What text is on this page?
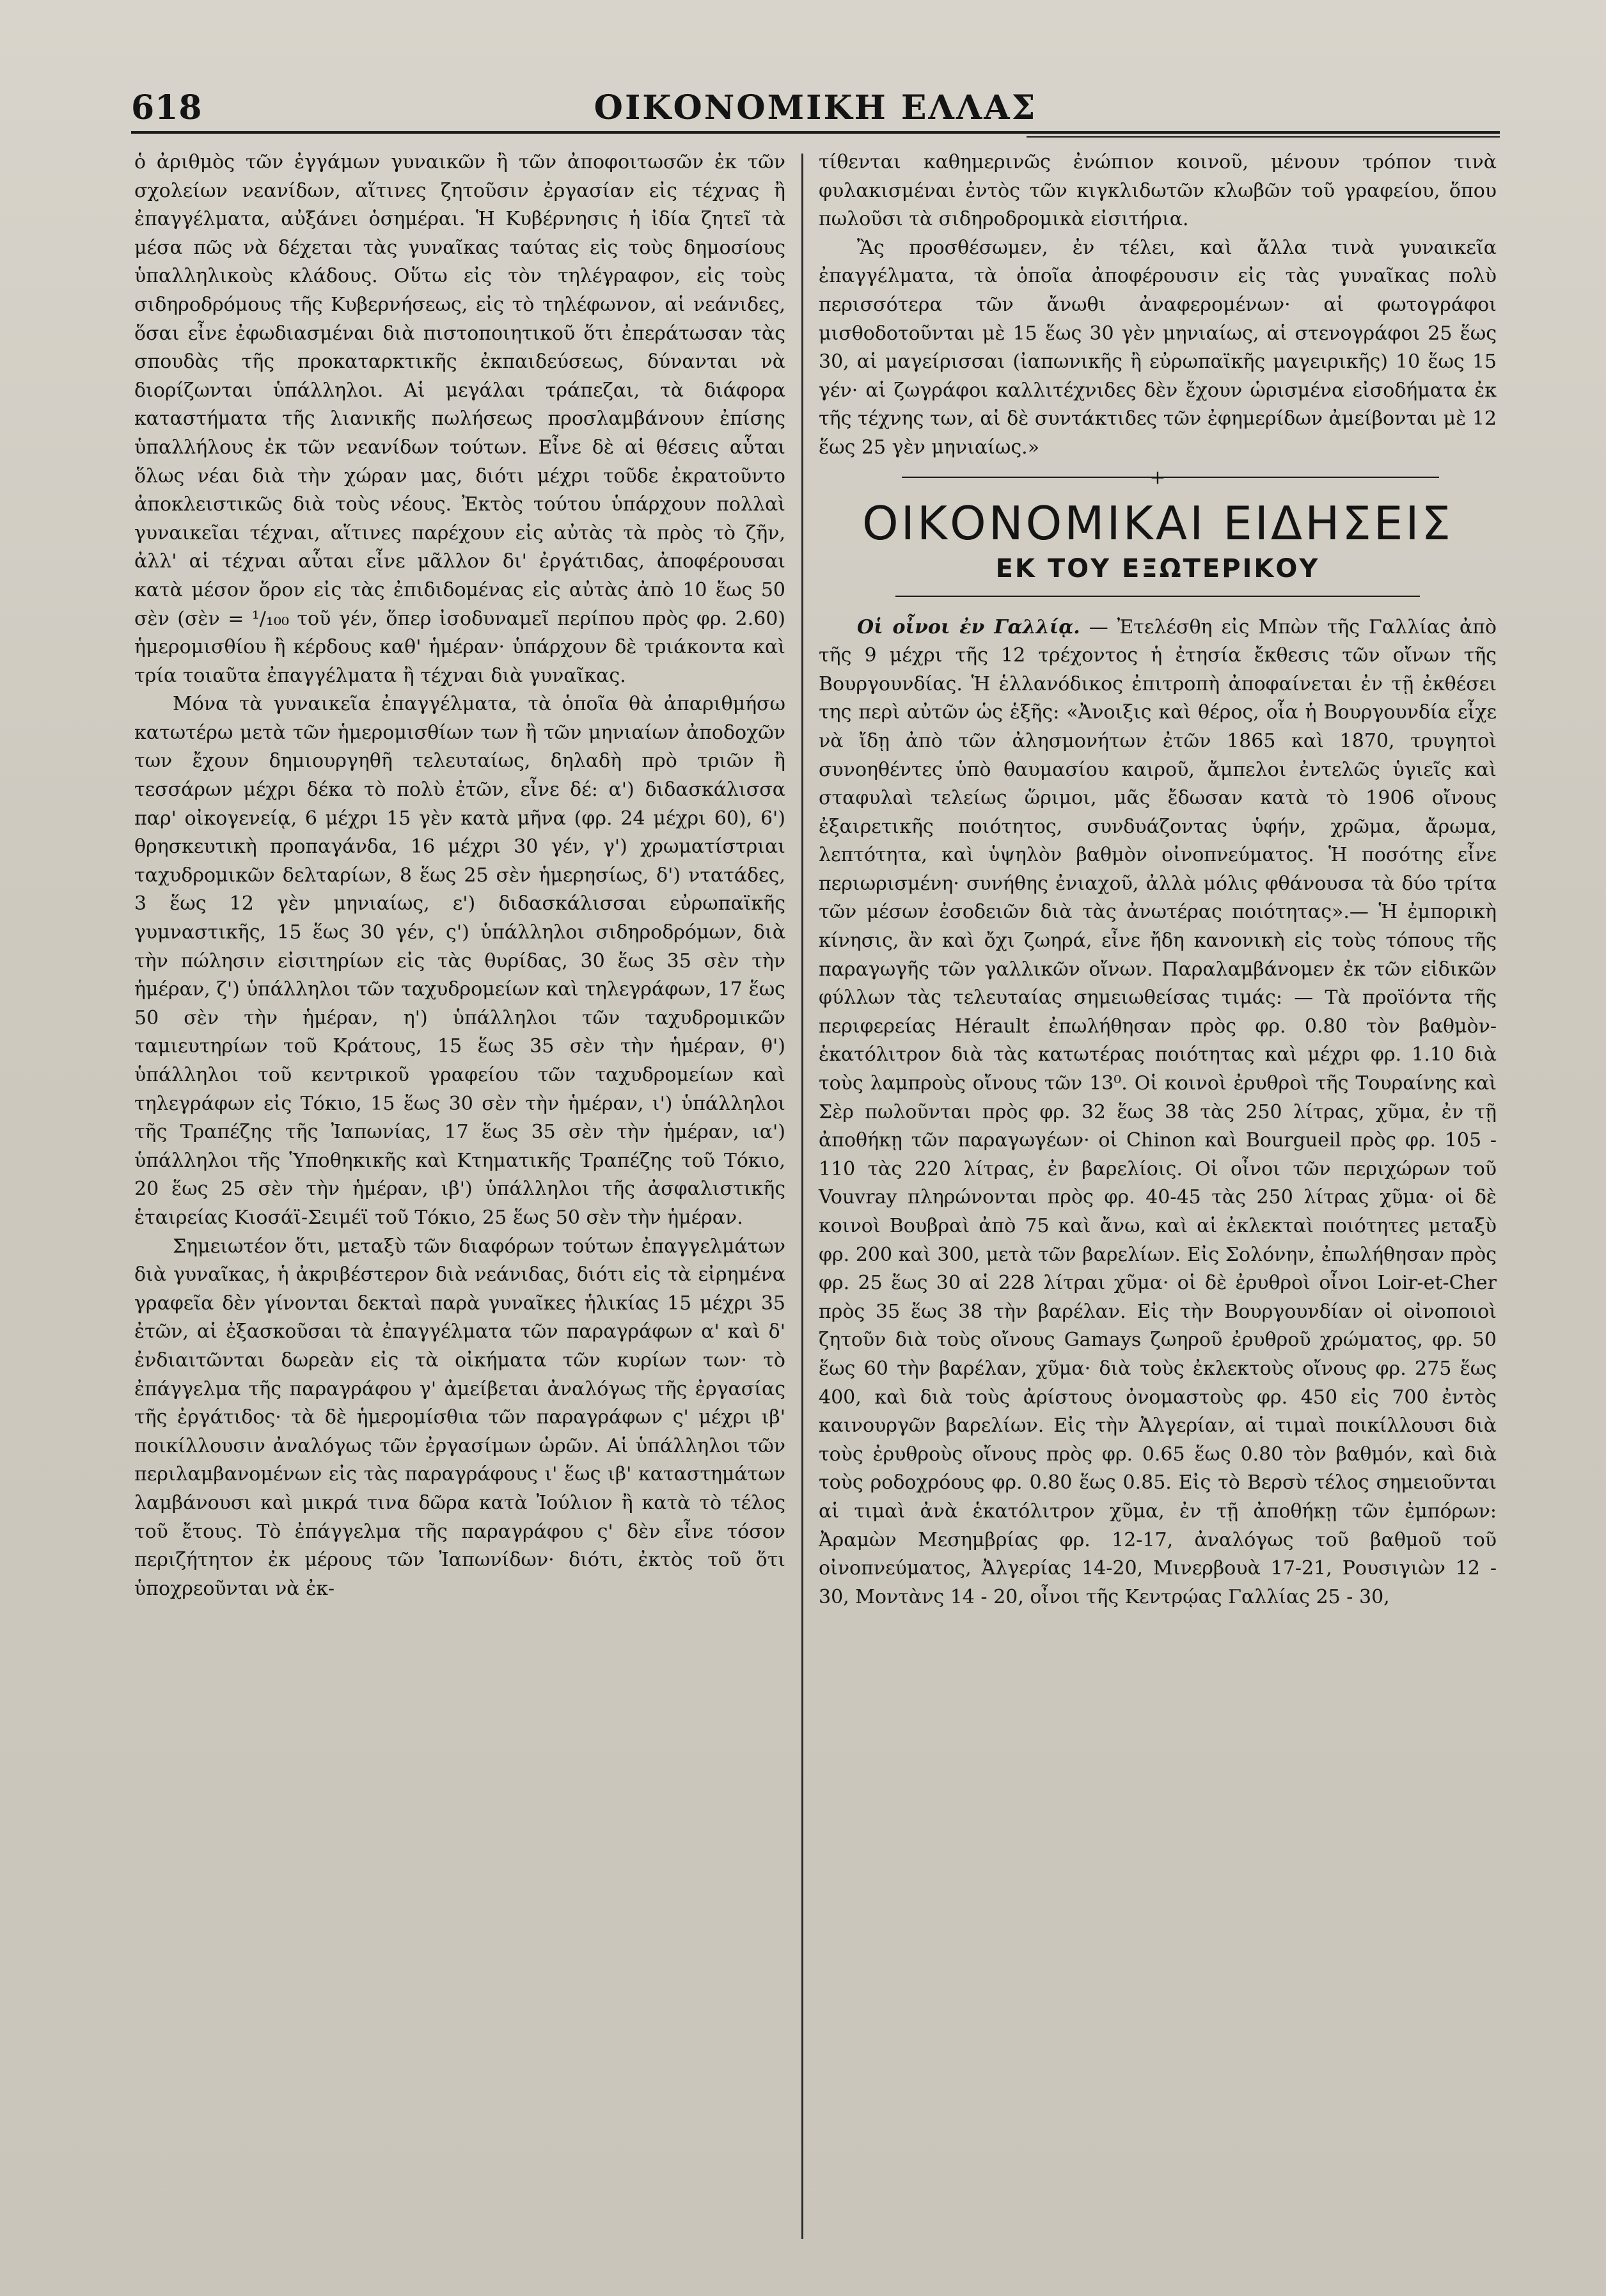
618	ΟΙΚΟΝΟΜΙΚΗ ΕΛΛΑΣ

ὁ ἀριθμὸς τῶν ἐγγάμων γυναικῶν ἢ τῶν ἀποφοιτωσῶν ἐκ τῶν σχολείων νεανίδων, αἵτινες ζητοῦσιν ἐργασίαν εἰς τέχνας ἢ ἐπαγγέλματα, αὐξάνει ὁσημέραι. Ἡ Κυβέρνησις ἡ ἰδία ζητεῖ τὰ μέσα πῶς νὰ δέχεται τὰς γυναῖκας ταύτας εἰς τοὺς δημοσίους ὑπαλληλικοὺς κλάδους. Οὕτω εἰς τὸν τηλέγραφον, εἰς τοὺς σιδηροδρόμους τῆς Κυβερνήσεως, εἰς τὸ τηλέφωνον, αἱ νεάνιδες, ὅσαι εἶνε ἐφωδιασμέναι διὰ πιστοποιητικοῦ ὅτι ἐπεράτωσαν τὰς σπουδὰς τῆς προκαταρκτικῆς ἐκπαιδεύσεως, δύνανται νὰ διορίζωνται ὑπάλληλοι. Αἱ μεγάλαι τράπεζαι, τὰ διάφορα καταστήματα τῆς λιανικῆς πωλήσεως προσλαμβάνουν ἐπίσης ὑπαλλήλους ἐκ τῶν νεανίδων τούτων. Εἶνε δὲ αἱ θέσεις αὗται ὅλως νέαι διὰ τὴν χώραν μας, διότι μέχρι τοῦδε ἐκρατοῦντο ἀποκλειστικῶς διὰ τοὺς νέους. Ἐκτὸς τούτου ὑπάρχουν πολλαὶ γυναικεῖαι τέχναι, αἵτινες παρέχουν εἰς αὐτὰς τὰ πρὸς τὸ ζῆν, ἀλλ' αἱ τέχναι αὗται εἶνε μᾶλλον δι' ἐργάτιδας, ἀποφέρουσαι κατὰ μέσον ὅρον εἰς τὰς ἐπιδιδομένας εἰς αὐτὰς ἀπὸ 10 ἕως 50 σὲν (σὲν = ¹/₁₀₀ τοῦ γέν, ὅπερ ἰσοδυναμεῖ περίπου πρὸς φρ. 2.60) ἡμερομισθίου ἢ κέρδους καθ' ἡμέραν· ὑπάρχουν δὲ τριάκοντα καὶ τρία τοιαῦτα ἐπαγγέλματα ἢ τέχναι διὰ γυναῖκας.

Μόνα τὰ γυναικεῖα ἐπαγγέλματα, τὰ ὁποῖα θὰ ἀπαριθμήσω κατωτέρω μετὰ τῶν ἡμερομισθίων των ἢ τῶν μηνιαίων ἀποδοχῶν των ἔχουν δημιουργηθῆ τελευταίως, δηλαδὴ πρὸ τριῶν ἢ τεσσάρων μέχρι δέκα τὸ πολὺ ἐτῶν, εἶνε δέ: α') διδασκάλισσα παρ' οἰκογενείᾳ, 6 μέχρι 15 γὲν κατὰ μῆνα (φρ. 24 μέχρι 60), 6') θρησκευτικὴ προπαγάνδα, 16 μέχρι 30 γέν, γ') χρωματίστριαι ταχυδρομικῶν δελταρίων, 8 ἕως 25 σὲν ἡμερησίως, δ') ντατάδες, 3 ἕως 12 γὲν μηνιαίως, ε') διδασκάλισσαι εὐρωπαϊκῆς γυμναστικῆς, 15 ἕως 30 γέν, ς') ὑπάλληλοι σιδηροδρόμων, διὰ τὴν πώλησιν εἰσιτηρίων εἰς τὰς θυρίδας, 30 ἕως 35 σὲν τὴν ἡμέραν, ζ') ὑπάλληλοι τῶν ταχυδρομείων καὶ τηλεγράφων, 17 ἕως 50 σὲν τὴν ἡμέραν, η') ὑπάλληλοι τῶν ταχυδρομικῶν ταμιευτηρίων τοῦ Κράτους, 15 ἕως 35 σὲν τὴν ἡμέραν, θ') ὑπάλληλοι τοῦ κεντρικοῦ γραφείου τῶν ταχυδρομείων καὶ τηλεγράφων εἰς Τόκιο, 15 ἕως 30 σὲν τὴν ἡμέραν, ι') ὑπάλληλοι τῆς Τραπέζης τῆς Ἰαπωνίας, 17 ἕως 35 σὲν τὴν ἡμέραν, ια') ὑπάλληλοι τῆς Ὑποθηκικῆς καὶ Κτηματικῆς Τραπέζης τοῦ Τόκιο, 20 ἕως 25 σὲν τὴν ἡμέραν, ιβ') ὑπάλληλοι τῆς ἀσφαλιστικῆς ἑταιρείας Κιοσάϊ-Σειμέϊ τοῦ Τόκιο, 25 ἕως 50 σὲν τὴν ἡμέραν.

Σημειωτέον ὅτι, μεταξὺ τῶν διαφόρων τούτων ἐπαγγελμάτων διὰ γυναῖκας, ἡ ἀκριβέστερον διὰ νεάνιδας, διότι εἰς τὰ εἰρημένα γραφεῖα δὲν γίνονται δεκταὶ παρὰ γυναῖκες ἡλικίας 15 μέχρι 35 ἐτῶν, αἱ ἐξασκοῦσαι τὰ ἐπαγγέλματα τῶν παραγράφων α' καὶ δ' ἐνδιαιτῶνται δωρεὰν εἰς τὰ οἰκήματα τῶν κυρίων των· τὸ ἐπάγγελμα τῆς παραγράφου γ' ἀμείβεται ἀναλόγως τῆς ἐργασίας τῆς ἐργάτιδος· τὰ δὲ ἡμερομίσθια τῶν παραγράφων ς' μέχρι ιβ' ποικίλλουσιν ἀναλόγως τῶν ἐργασίμων ὡρῶν. Αἱ ὑπάλληλοι τῶν περιλαμβανομένων εἰς τὰς παραγράφους ι' ἕως ιβ' καταστημάτων λαμβάνουσι καὶ μικρά τινα δῶρα κατὰ Ἰούλιον ἢ κατὰ τὸ τέλος τοῦ ἔτους. Τὸ ἐπάγγελμα τῆς παραγράφου ς' δὲν εἶνε τόσον περιζήτητον ἐκ μέρους τῶν Ἰαπωνίδων· διότι, ἐκτὸς τοῦ ὅτι ὑποχρεοῦνται νὰ ἐκ-

τίθενται καθημερινῶς ἐνώπιον κοινοῦ, μένουν τρόπον τινὰ φυλακισμέναι ἐντὸς τῶν κιγκλιδωτῶν κλωβῶν τοῦ γραφείου, ὅπου πωλοῦσι τὰ σιδηροδρομικὰ εἰσιτήρια.

Ἂς προσθέσωμεν, ἐν τέλει, καὶ ἄλλα τινὰ γυναικεῖα ἐπαγγέλματα, τὰ ὁποῖα ἀποφέρουσιν εἰς τὰς γυναῖκας πολὺ περισσότερα τῶν ἄνωθι ἀναφερομένων· αἱ φωτογράφοι μισθοδοτοῦνται μὲ 15 ἕως 30 γὲν μηνιαίως, αἱ στενογράφοι 25 ἕως 30, αἱ μαγείρισσαι (ἰαπωνικῆς ἢ εὐρωπαϊκῆς μαγειρικῆς) 10 ἕως 15 γέν· αἱ ζωγράφοι καλλιτέχνιδες δὲν ἔχουν ὡρισμένα εἰσοδήματα ἐκ τῆς τέχνης των, αἱ δὲ συντάκτιδες τῶν ἐφημερίδων ἀμείβονται μὲ 12 ἕως 25 γὲν μηνιαίως.»

+
ΟΙΚΟΝΟΜΙΚΑΙ ΕΙΔΗΣΕΙΣ
ΕΚ ΤΟΥ ΕΞΩΤΕΡΙΚΟΥ

Οἱ οἶνοι ἐν Γαλλίᾳ. — Ἐτελέσθη εἰς Μπὼν τῆς Γαλλίας ἀπὸ τῆς 9 μέχρι τῆς 12 τρέχοντος ἡ ἐτησία ἔκθεσις τῶν οἴνων τῆς Βουργουνδίας. Ἡ ἑλλανόδικος ἐπιτροπὴ ἀποφαίνεται ἐν τῇ ἐκθέσει της περὶ αὐτῶν ὡς ἑξῆς: «Ἀνοιξις καὶ θέρος, οἷα ἡ Βουργουνδία εἶχε νὰ ἴδῃ ἀπὸ τῶν ἀλησμονήτων ἐτῶν 1865 καὶ 1870, τρυγητοὶ συνοηθέντες ὑπὸ θαυμασίου καιροῦ, ἄμπελοι ἐντελῶς ὑγιεῖς καὶ σταφυλαὶ τελείως ὥριμοι, μᾶς ἔδωσαν κατὰ τὸ 1906 οἴνους ἐξαιρετικῆς ποιότητος, συνδυάζοντας ὑφήν, χρῶμα, ἄρωμα, λεπτότητα, καὶ ὑψηλὸν βαθμὸν οἰνοπνεύματος. Ἡ ποσότης εἶνε περιωρισμένη· συνήθης ἐνιαχοῦ, ἀλλὰ μόλις φθάνουσα τὰ δύο τρίτα τῶν μέσων ἐσοδειῶν διὰ τὰς ἀνωτέρας ποιότητας».— Ἡ ἐμπορικὴ κίνησις, ἂν καὶ ὄχι ζωηρά, εἶνε ἤδη κανονικὴ εἰς τοὺς τόπους τῆς παραγωγῆς τῶν γαλλικῶν οἴνων. Παραλαμβάνομεν ἐκ τῶν εἰδικῶν φύλλων τὰς τελευταίας σημειωθείσας τιμάς: — Τὰ προϊόντα τῆς περιφερείας Hérault ἐπωλήθησαν πρὸς φρ. 0.80 τὸν βαθμὸν-ἑκατόλιτρον διὰ τὰς κατωτέρας ποιότητας καὶ μέχρι φρ. 1.10 διὰ τοὺς λαμπροὺς οἴνους τῶν 13⁰. Οἱ κοινοὶ ἐρυθροὶ τῆς Τουραίνης καὶ Σὲρ πωλοῦνται πρὸς φρ. 32 ἕως 38 τὰς 250 λίτρας, χῦμα, ἐν τῇ ἀποθήκῃ τῶν παραγωγέων· οἱ Chinon καὶ Bourgueil πρὸς φρ. 105 - 110 τὰς 220 λίτρας, ἐν βαρελίοις. Οἱ οἶνοι τῶν περιχώρων τοῦ Vouvray πληρώνονται πρὸς φρ. 40-45 τὰς 250 λίτρας χῦμα· οἱ δὲ κοινοὶ Βουβραὶ ἀπὸ 75 καὶ ἄνω, καὶ αἱ ἐκλεκταὶ ποιότητες μεταξὺ φρ. 200 καὶ 300, μετὰ τῶν βαρελίων. Εἰς Σολόνην, ἐπωλήθησαν πρὸς φρ. 25 ἕως 30 αἱ 228 λίτραι χῦμα· οἱ δὲ ἐρυθροὶ οἶνοι Loir-et-Cher πρὸς 35 ἕως 38 τὴν βαρέλαν. Εἰς τὴν Βουργουνδίαν οἱ οἰνοποιοὶ ζητοῦν διὰ τοὺς οἴνους Gamays ζωηροῦ ἐρυθροῦ χρώματος, φρ. 50 ἕως 60 τὴν βαρέλαν, χῦμα· διὰ τοὺς ἐκλεκτοὺς οἴνους φρ. 275 ἕως 400, καὶ διὰ τοὺς ἀρίστους ὀνομαστοὺς φρ. 450 εἰς 700 ἐντὸς καινουργῶν βαρελίων. Εἰς τὴν Ἀλγερίαν, αἱ τιμαὶ ποικίλλουσι διὰ τοὺς ἐρυθροὺς οἴνους πρὸς φρ. 0.65 ἕως 0.80 τὸν βαθμόν, καὶ διὰ τοὺς ροδοχρόους φρ. 0.80 ἕως 0.85. Εἰς τὸ Βερσὺ τέλος σημειοῦνται αἱ τιμαὶ ἀνὰ ἑκατόλιτρον χῦμα, ἐν τῇ ἀποθήκῃ τῶν ἐμπόρων: Ἀραμὼν Μεσημβρίας φρ. 12-17, ἀναλόγως τοῦ βαθμοῦ τοῦ οἰνοπνεύματος, Ἀλγερίας 14-20, Μινερβουὰ 17-21, Ρουσιγιὼν 12 - 30, Μοντὰνς 14 - 20, οἶνοι τῆς Κεντρῴας Γαλλίας 25 - 30,
